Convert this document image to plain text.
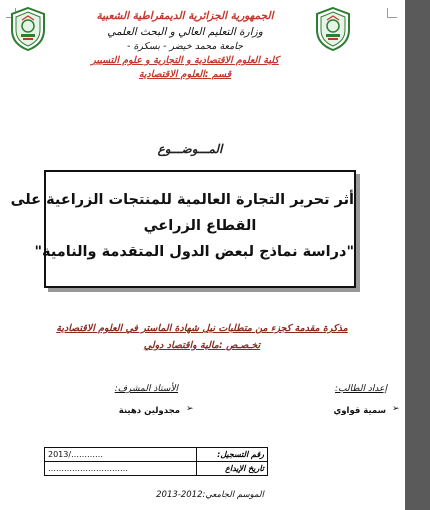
الجمهورية الجزائرية الديمقراطية الشعبية
وزارة التعليم العالي و البحث العلمي
جامعة محمد خيضر - بسكرة -
كلية العلوم الاقتصادية و التجارية و علوم التسيير
قسم :العلوم الاقتصادية
المـــوضـــوع
أثر تحرير التجارة العالمية للمنتجات الزراعية على
القطاع الزراعي
"دراسة نماذج لبعض الدول المتقدمة والنامية"
مذكرة مقدمة كجزء من متطلبات نيل شهادة الماستر في العلوم الاقتصادية
تخـصـص :مالية واقتصاد دولي
إعداد الطالب:
الأستاذ المشرف:
➢
سمية قواوي
➢
مجدولين دهينة
2013/…………	رقم التسجيل:
…………………………	تاريخ الإيداع
الموسم الجامعي:2012-2013
